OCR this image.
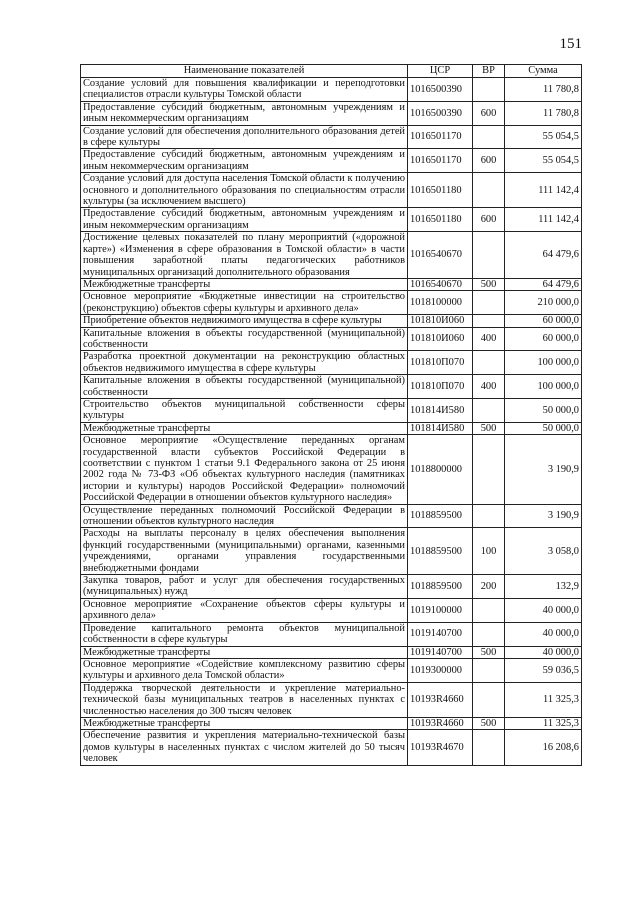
151
Наименование показателей	ЦСР	ВР	Сумма
Создание условий для повышения квалификации и переподготовки специалистов отрасли культуры Томской области	1016500390		11 780,8
Предоставление субсидий бюджетным, автономным учреждениям и иным некоммерческим организациям	1016500390	600	11 780,8
Создание условий для обеспечения дополнительного образования детей в сфере культуры	1016501170		55 054,5
Предоставление субсидий бюджетным, автономным учреждениям и иным некоммерческим организациям	1016501170	600	55 054,5
Создание условий для доступа населения Томской области к получению основного и дополнительного образования по специальностям отрасли культуры (за исключением высшего)	1016501180		111 142,4
Предоставление субсидий бюджетным, автономным учреждениям и иным некоммерческим организациям	1016501180	600	111 142,4
Достижение целевых показателей по плану мероприятий («дорожной карте») «Изменения в сфере образования в Томской области» в части повышения заработной платы педагогических работников муниципальных организаций дополнительного образования	1016540670		64 479,6
Межбюджетные трансферты	1016540670	500	64 479,6
Основное мероприятие «Бюджетные инвестиции на строительство (реконструкцию) объектов сферы культуры и архивного дела»	1018100000		210 000,0
Приобретение объектов недвижимого имущества в сфере культуры	101810И060		60 000,0
Капитальные вложения в объекты государственной (муниципальной) собственности	101810И060	400	60 000,0
Разработка проектной документации на реконструкцию областных объектов недвижимого имущества в сфере культуры	101810П070		100 000,0
Капитальные вложения в объекты государственной (муниципальной) собственности	101810П070	400	100 000,0
Строительство объектов муниципальной собственности сферы культуры	101814И580		50 000,0
Межбюджетные трансферты	101814И580	500	50 000,0
Основное мероприятие «Осуществление переданных органам государственной власти субъектов Российской Федерации в соответствии с пунктом 1 статьи 9.1 Федерального закона от 25 июня 2002 года № 73-ФЗ «Об объектах культурного наследия (памятниках истории и культуры) народов Российской Федерации» полномочий Российской Федерации в отношении объектов культурного наследия»	1018800000		3 190,9
Осуществление переданных полномочий Российской Федерации в отношении объектов культурного наследия	1018859500		3 190,9
Расходы на выплаты персоналу в целях обеспечения выполнения функций государственными (муниципальными) органами, казенными учреждениями, органами управления государственными внебюджетными фондами	1018859500	100	3 058,0
Закупка товаров, работ и услуг для обеспечения государственных (муниципальных) нужд	1018859500	200	132,9
Основное мероприятие «Сохранение объектов сферы культуры и архивного дела»	1019100000		40 000,0
Проведение капитального ремонта объектов муниципальной собственности в сфере культуры	1019140700		40 000,0
Межбюджетные трансферты	1019140700	500	40 000,0
Основное мероприятие «Содействие комплексному развитию сферы культуры и архивного дела Томской области»	1019300000		59 036,5
Поддержка творческой деятельности и укрепление материально-технической базы муниципальных театров в населенных пунктах с численностью населения до 300 тысяч человек	10193R4660		11 325,3
Межбюджетные трансферты	10193R4660	500	11 325,3
Обеспечение развития и укрепления материально-технической базы домов культуры в населенных пунктах с числом жителей до 50 тысяч человек	10193R4670		16 208,6
